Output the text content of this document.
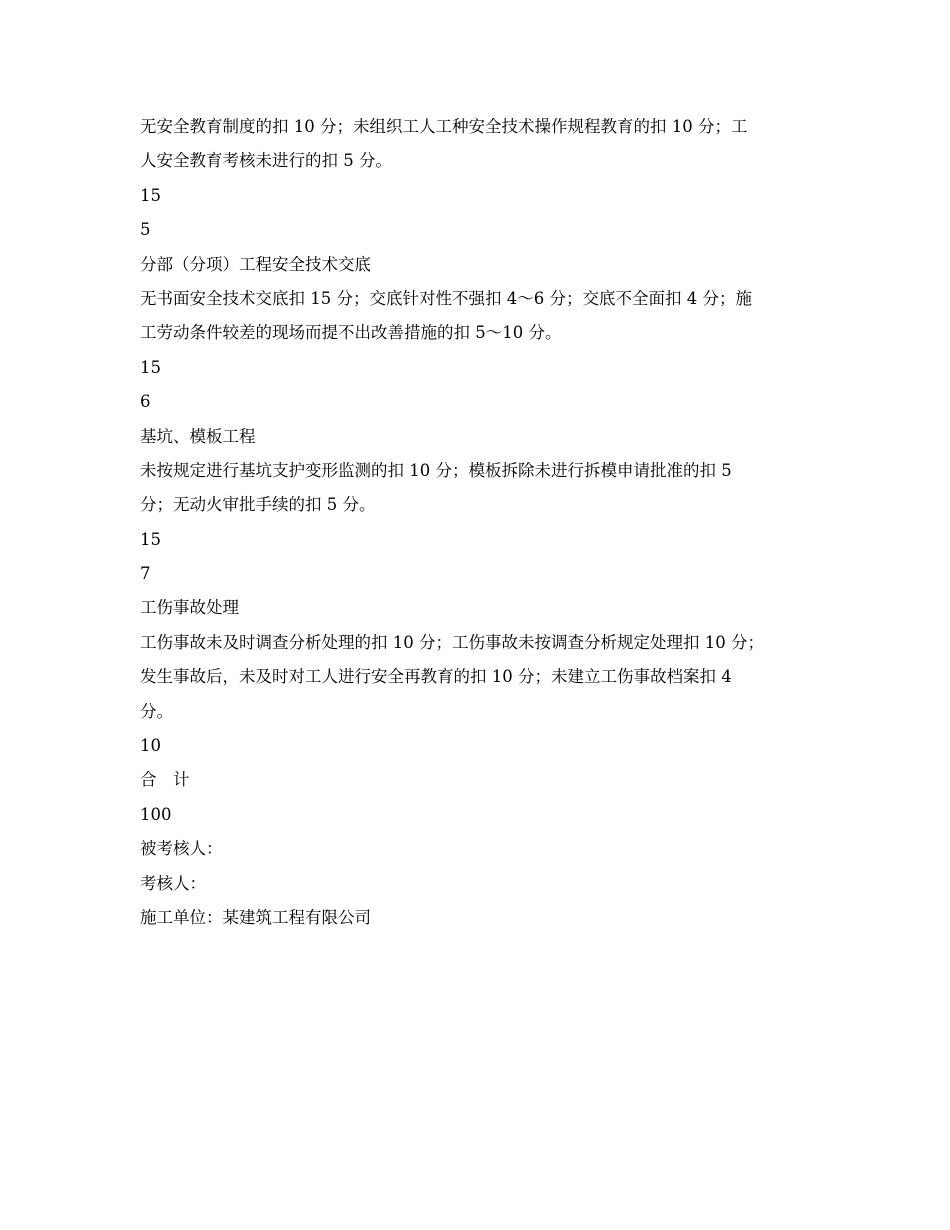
无安全教育制度的扣 10 分；未组织工人工种安全技术操作规程教育的扣 10 分；工
人安全教育考核未进行的扣 5 分。
15
5
分部（分项）工程安全技术交底
无书面安全技术交底扣 15 分；交底针对性不强扣 4～6 分；交底不全面扣 4 分；施
工劳动条件较差的现场而提不出改善措施的扣 5～10 分。
15
6
基坑、模板工程
未按规定进行基坑支护变形监测的扣 10 分；模板拆除未进行拆模申请批准的扣 5
分；无动火审批手续的扣 5 分。
15
7
工伤事故处理
工伤事故未及时调查分析处理的扣 10 分；工伤事故未按调查分析规定处理扣 10 分；
发生事故后，未及时对工人进行安全再教育的扣 10 分；未建立工伤事故档案扣 4
分。
10
合　计
100
被考核人：
考核人：
施工单位：某建筑工程有限公司
